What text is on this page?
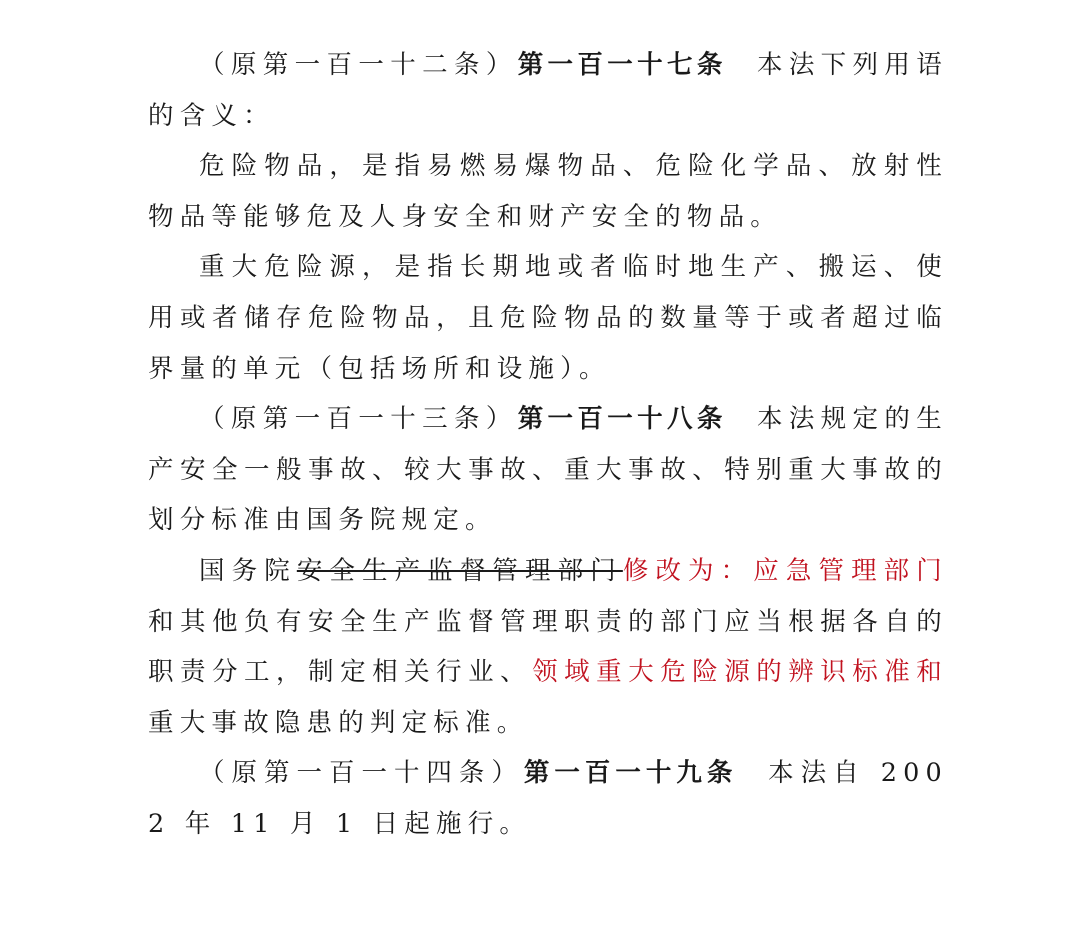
（原第一百一十二条）第一百一十七条 本法下列用语的含义：

危险物品，是指易燃易爆物品、危险化学品、放射性物品等能够危及人身安全和财产安全的物品。

重大危险源，是指长期地或者临时地生产、搬运、使用或者储存危险物品，且危险物品的数量等于或者超过临界量的单元（包括场所和设施）。

（原第一百一十三条）第一百一十八条 本法规定的生产安全一般事故、较大事故、重大事故、特别重大事故的划分标准由国务院规定。

国务院安全生产监督管理部门修改为：应急管理部门和其他负有安全生产监督管理职责的部门应当根据各自的职责分工，制定相关行业、领域重大危险源的辨识标准和重大事故隐患的判定标准。

（原第一百一十四条）第一百一十九条 本法自 2002 年 11 月 1 日起施行。
